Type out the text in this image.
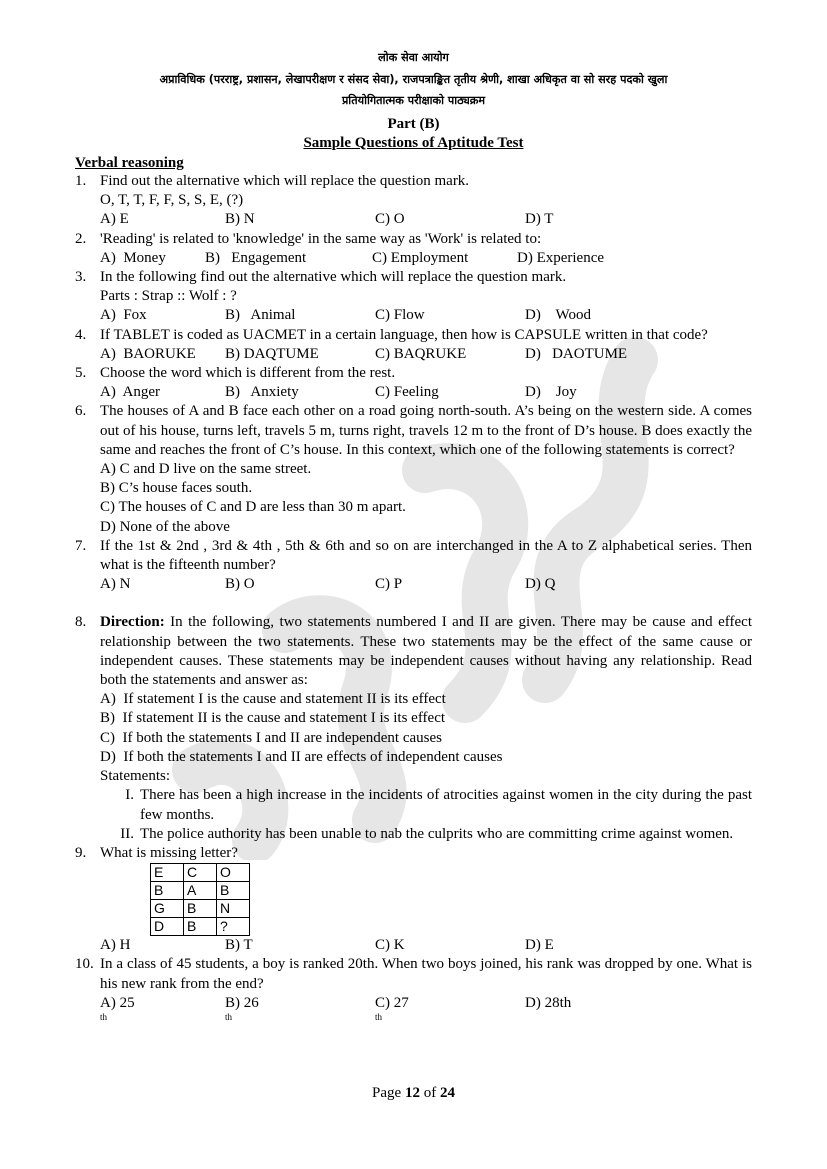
लोक सेवा आयोग
अप्राविधिक (परराष्ट्र, प्रशासन, लेखापरीक्षण र संसद सेवा), राजपत्राङ्कित तृतीय श्रेणी, शाखा अधिकृत वा सो सरह पदको खुला
प्रतियोगितात्मक परीक्षाको पाठ्यक्रम
Part (B)
Sample Questions of Aptitude Test
Verbal reasoning
1. Find out the alternative which will replace the question mark.
O, T, T, F, F, S, S, E, (?)
A) E	B) N	C) O	D) T
2. 'Reading' is related to 'knowledge' in the same way as 'Work' is related to:
A)  Money	B)   Engagement	C) Employment	D) Experience
3. In the following find out the alternative which will replace the question mark.
Parts : Strap :: Wolf : ?
A)  Fox	B)   Animal	C) Flow	D)    Wood
4. If TABLET is coded as UACMET in a certain language, then how is CAPSULE written in that code?
A)  BAORUKE	B) DAQTUME	C) BAQRUKE	D)   DAOTUME
5. Choose the word which is different from the rest.
A)  Anger	B)   Anxiety	C) Feeling	D)    Joy
6. The houses of A and B face each other on a road going north-south. A’s being on the western side. A comes out of his house, turns left, travels 5 m, turns right, travels 12 m to the front of D’s house. B does exactly the same and reaches the front of C’s house. In this context, which one of the following statements is correct?
A) C and D live on the same street.
B) C’s house faces south.
C) The houses of C and D are less than 30 m apart.
D) None of the above
7. If the 1st & 2nd , 3rd & 4th , 5th & 6th and so on are interchanged in the A to Z alphabetical series. Then what is the fifteenth number?
A) N	B) O	C) P	D) Q
8. Direction: In the following, two statements numbered I and II are given. There may be cause and effect relationship between the two statements. These two statements may be the effect of the same cause or independent causes. These statements may be independent causes without having any relationship. Read both the statements and answer as:
A)  If statement I is the cause and statement II is its effect
B)  If statement II is the cause and statement I is its effect
C)  If both the statements I and II are independent causes
D)  If both the statements I and II are effects of independent causes
Statements:
I. There has been a high increase in the incidents of atrocities against women in the city during the past few months.
II. The police authority has been unable to nab the culprits who are committing crime against women.
9. What is missing letter?
E	C	O
B	A	B
G	B	N
D	B	?
A) H	B) T	C) K	D) E
10. In a class of 45 students, a boy is ranked 20th. When two boys joined, his rank was dropped by one. What is his new rank from the end?
A) 25
$^{th}$
B) 26
$^{th}$
C) 27
$^{th}$
D) 28th
Page 12 of 24
